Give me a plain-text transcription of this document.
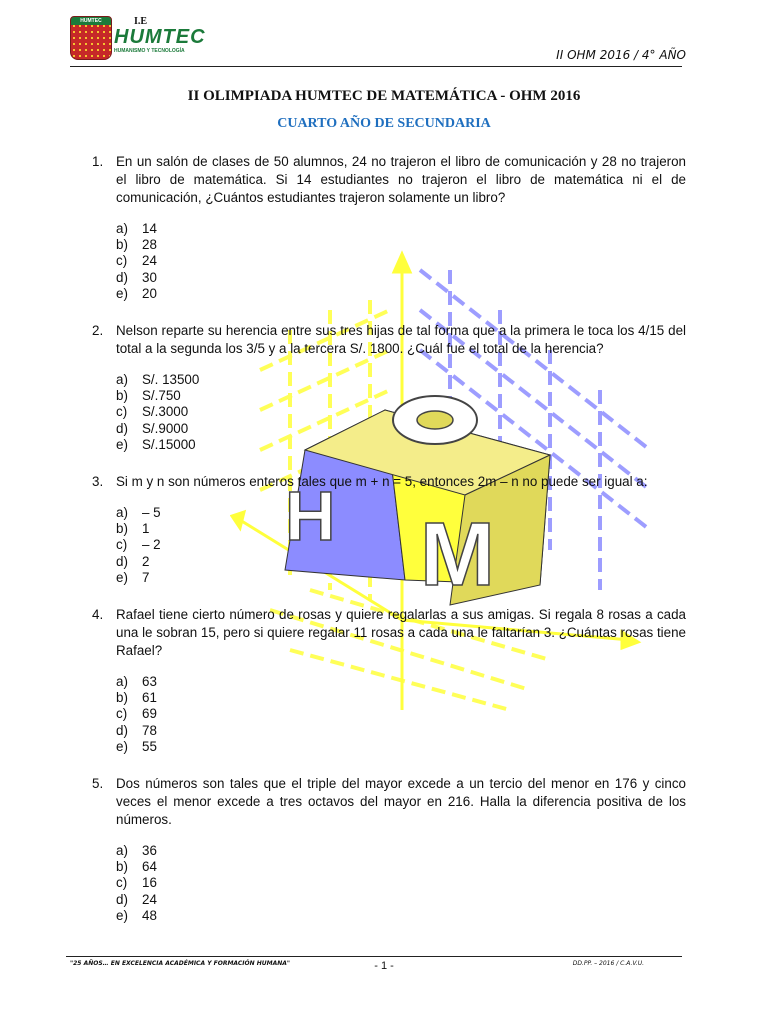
HUMTEC	I.E
HUMTEC
HUMANISMO Y TECNOLOGÍA	II OHM 2016 / 4° AÑO
II OLIMPIADA HUMTEC DE MATEMÁTICA - OHM 2016
CUARTO AÑO DE SECUNDARIA
H M
1. En un salón de clases de 50 alumnos, 24 no trajeron el libro de comunicación y 28 no trajeron el libro de matemática. Si 14 estudiantes no trajeron el libro de matemática ni el de comunicación, ¿Cuántos estudiantes trajeron solamente un libro?
a) 14
b) 28
c) 24
d) 30
e) 20
2. Nelson reparte su herencia entre sus tres hijas de tal forma que a la primera le toca los 4/15 del total a la segunda los 3/5 y a la tercera S/. 1800. ¿Cuál fue el total de la herencia?
a) S/. 13500
b) S/.750
c) S/.3000
d) S/.9000
e) S/.15000
3. Si m y n son números enteros tales que m + n = 5, entonces 2m – n no puede ser igual a:
a) – 5
b) 1
c) – 2
d) 2
e) 7
4. Rafael tiene cierto número de rosas y quiere regalarlas a sus amigas. Si regala 8 rosas a cada una le sobran 15, pero si quiere regalar 11 rosas a cada una le faltarían 3. ¿Cuántas rosas tiene Rafael?
a) 63
b) 61
c) 69
d) 78
e) 55
5. Dos números son tales que el triple del mayor excede a un tercio del menor en 176 y cinco veces el menor excede a tres octavos del mayor en 216. Halla la diferencia positiva de los números.
a) 36
b) 64
c) 16
d) 24
e) 48
"25 AÑOS… EN EXCELENCIA ACADÉMICA Y FORMACIÓN HUMANA"	- 1 -	DD.PP. – 2016 / C.A.V.U.
